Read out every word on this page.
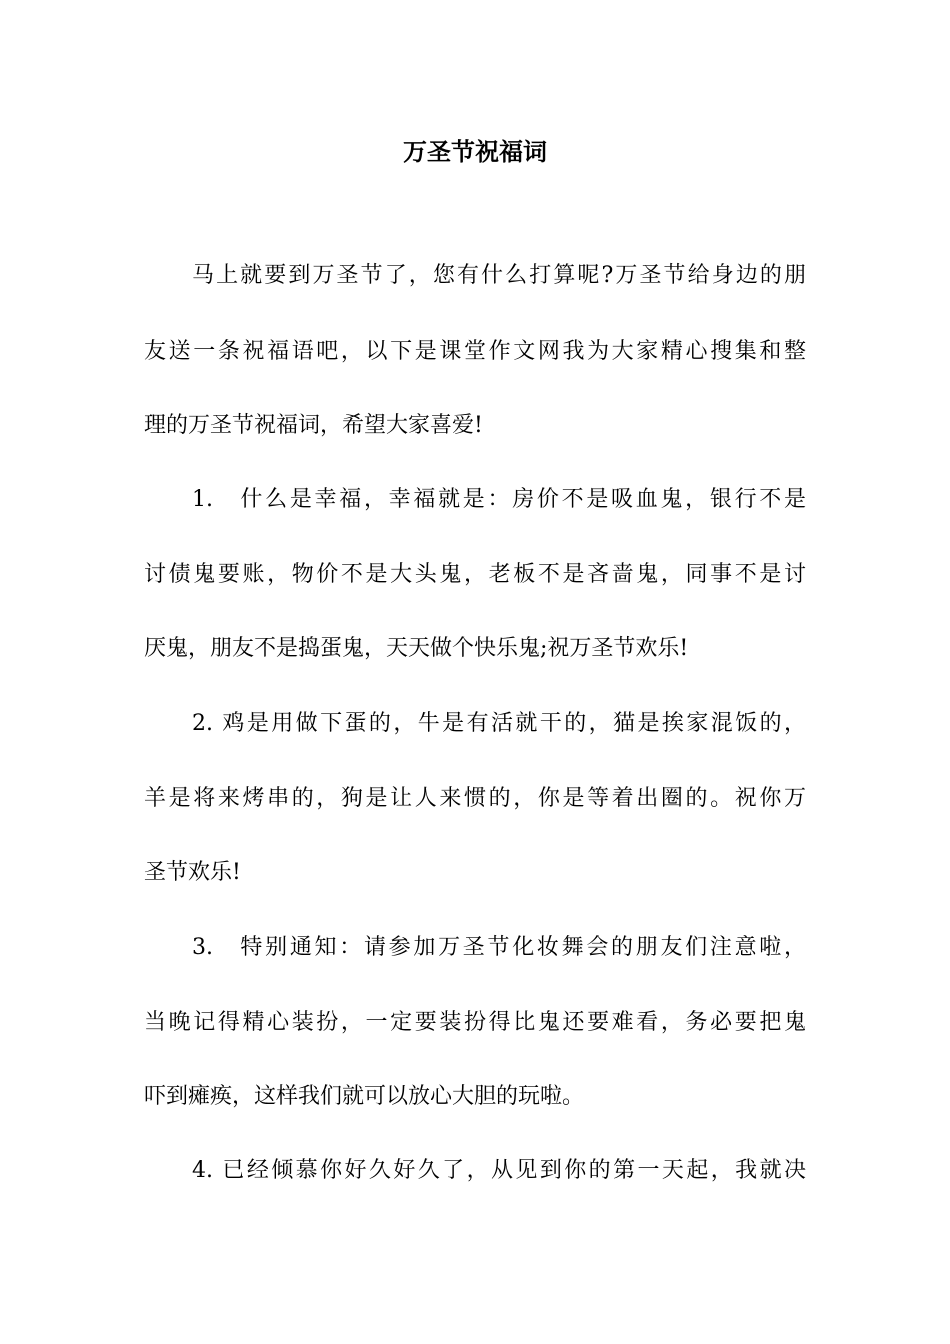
万圣节祝福词
马上就要到万圣节了，您有什么打算呢?万圣节给身边的朋
友送一条祝福语吧，以下是课堂作文网我为大家精心搜集和整
理的万圣节祝福词，希望大家喜爱!
1.　什么是幸福，幸福就是：房价不是吸血鬼，银行不是
讨债鬼要账，物价不是大头鬼，老板不是吝啬鬼，同事不是讨
厌鬼，朋友不是捣蛋鬼，天天做个快乐鬼;祝万圣节欢乐!
2. 鸡是用做下蛋的，牛是有活就干的，猫是挨家混饭的，
羊是将来烤串的，狗是让人来惯的，你是等着出圈的。祝你万
圣节欢乐!
3.　特别通知：请参加万圣节化妆舞会的朋友们注意啦，
当晚记得精心装扮，一定要装扮得比鬼还要难看，务必要把鬼
吓到瘫痪，这样我们就可以放心大胆的玩啦。
4. 已经倾慕你好久好久了，从见到你的第一天起，我就决
